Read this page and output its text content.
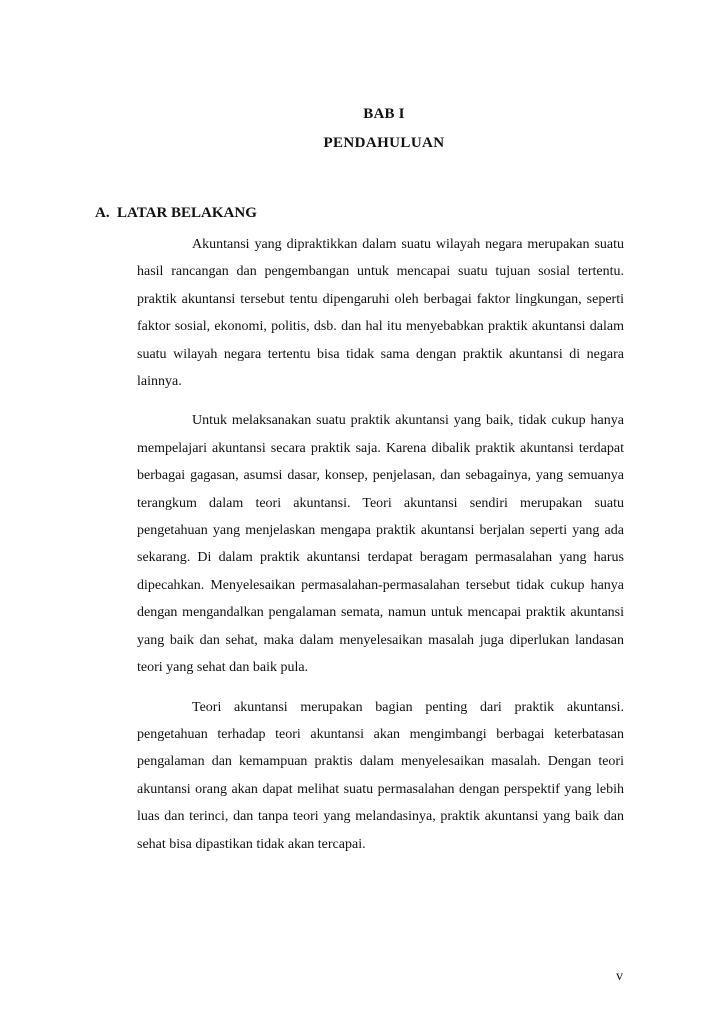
BAB I
PENDAHULUAN
A. LATAR BELAKANG

Akuntansi yang dipraktikkan dalam suatu wilayah negara merupakan suatu hasil rancangan dan pengembangan untuk mencapai suatu tujuan sosial tertentu. praktik akuntansi tersebut tentu dipengaruhi oleh berbagai faktor lingkungan, seperti faktor sosial, ekonomi, politis, dsb. dan hal itu menyebabkan praktik akuntansi dalam suatu wilayah negara tertentu bisa tidak sama dengan praktik akuntansi di negara lainnya.

Untuk melaksanakan suatu praktik akuntansi yang baik, tidak cukup hanya mempelajari akuntansi secara praktik saja. Karena dibalik praktik akuntansi terdapat berbagai gagasan, asumsi dasar, konsep, penjelasan, dan sebagainya, yang semuanya terangkum dalam teori akuntansi. Teori akuntansi sendiri merupakan suatu pengetahuan yang menjelaskan mengapa praktik akuntansi berjalan seperti yang ada sekarang. Di dalam praktik akuntansi terdapat beragam permasalahan yang harus dipecahkan. Menyelesaikan permasalahan-permasalahan tersebut tidak cukup hanya dengan mengandalkan pengalaman semata, namun untuk mencapai praktik akuntansi yang baik dan sehat, maka dalam menyelesaikan masalah juga diperlukan landasan teori yang sehat dan baik pula.

Teori akuntansi merupakan bagian penting dari praktik akuntansi. pengetahuan terhadap teori akuntansi akan mengimbangi berbagai keterbatasan pengalaman dan kemampuan praktis dalam menyelesaikan masalah. Dengan teori akuntansi orang akan dapat melihat suatu permasalahan dengan perspektif yang lebih luas dan terinci, dan tanpa teori yang melandasinya, praktik akuntansi yang baik dan sehat bisa dipastikan tidak akan tercapai.

v
